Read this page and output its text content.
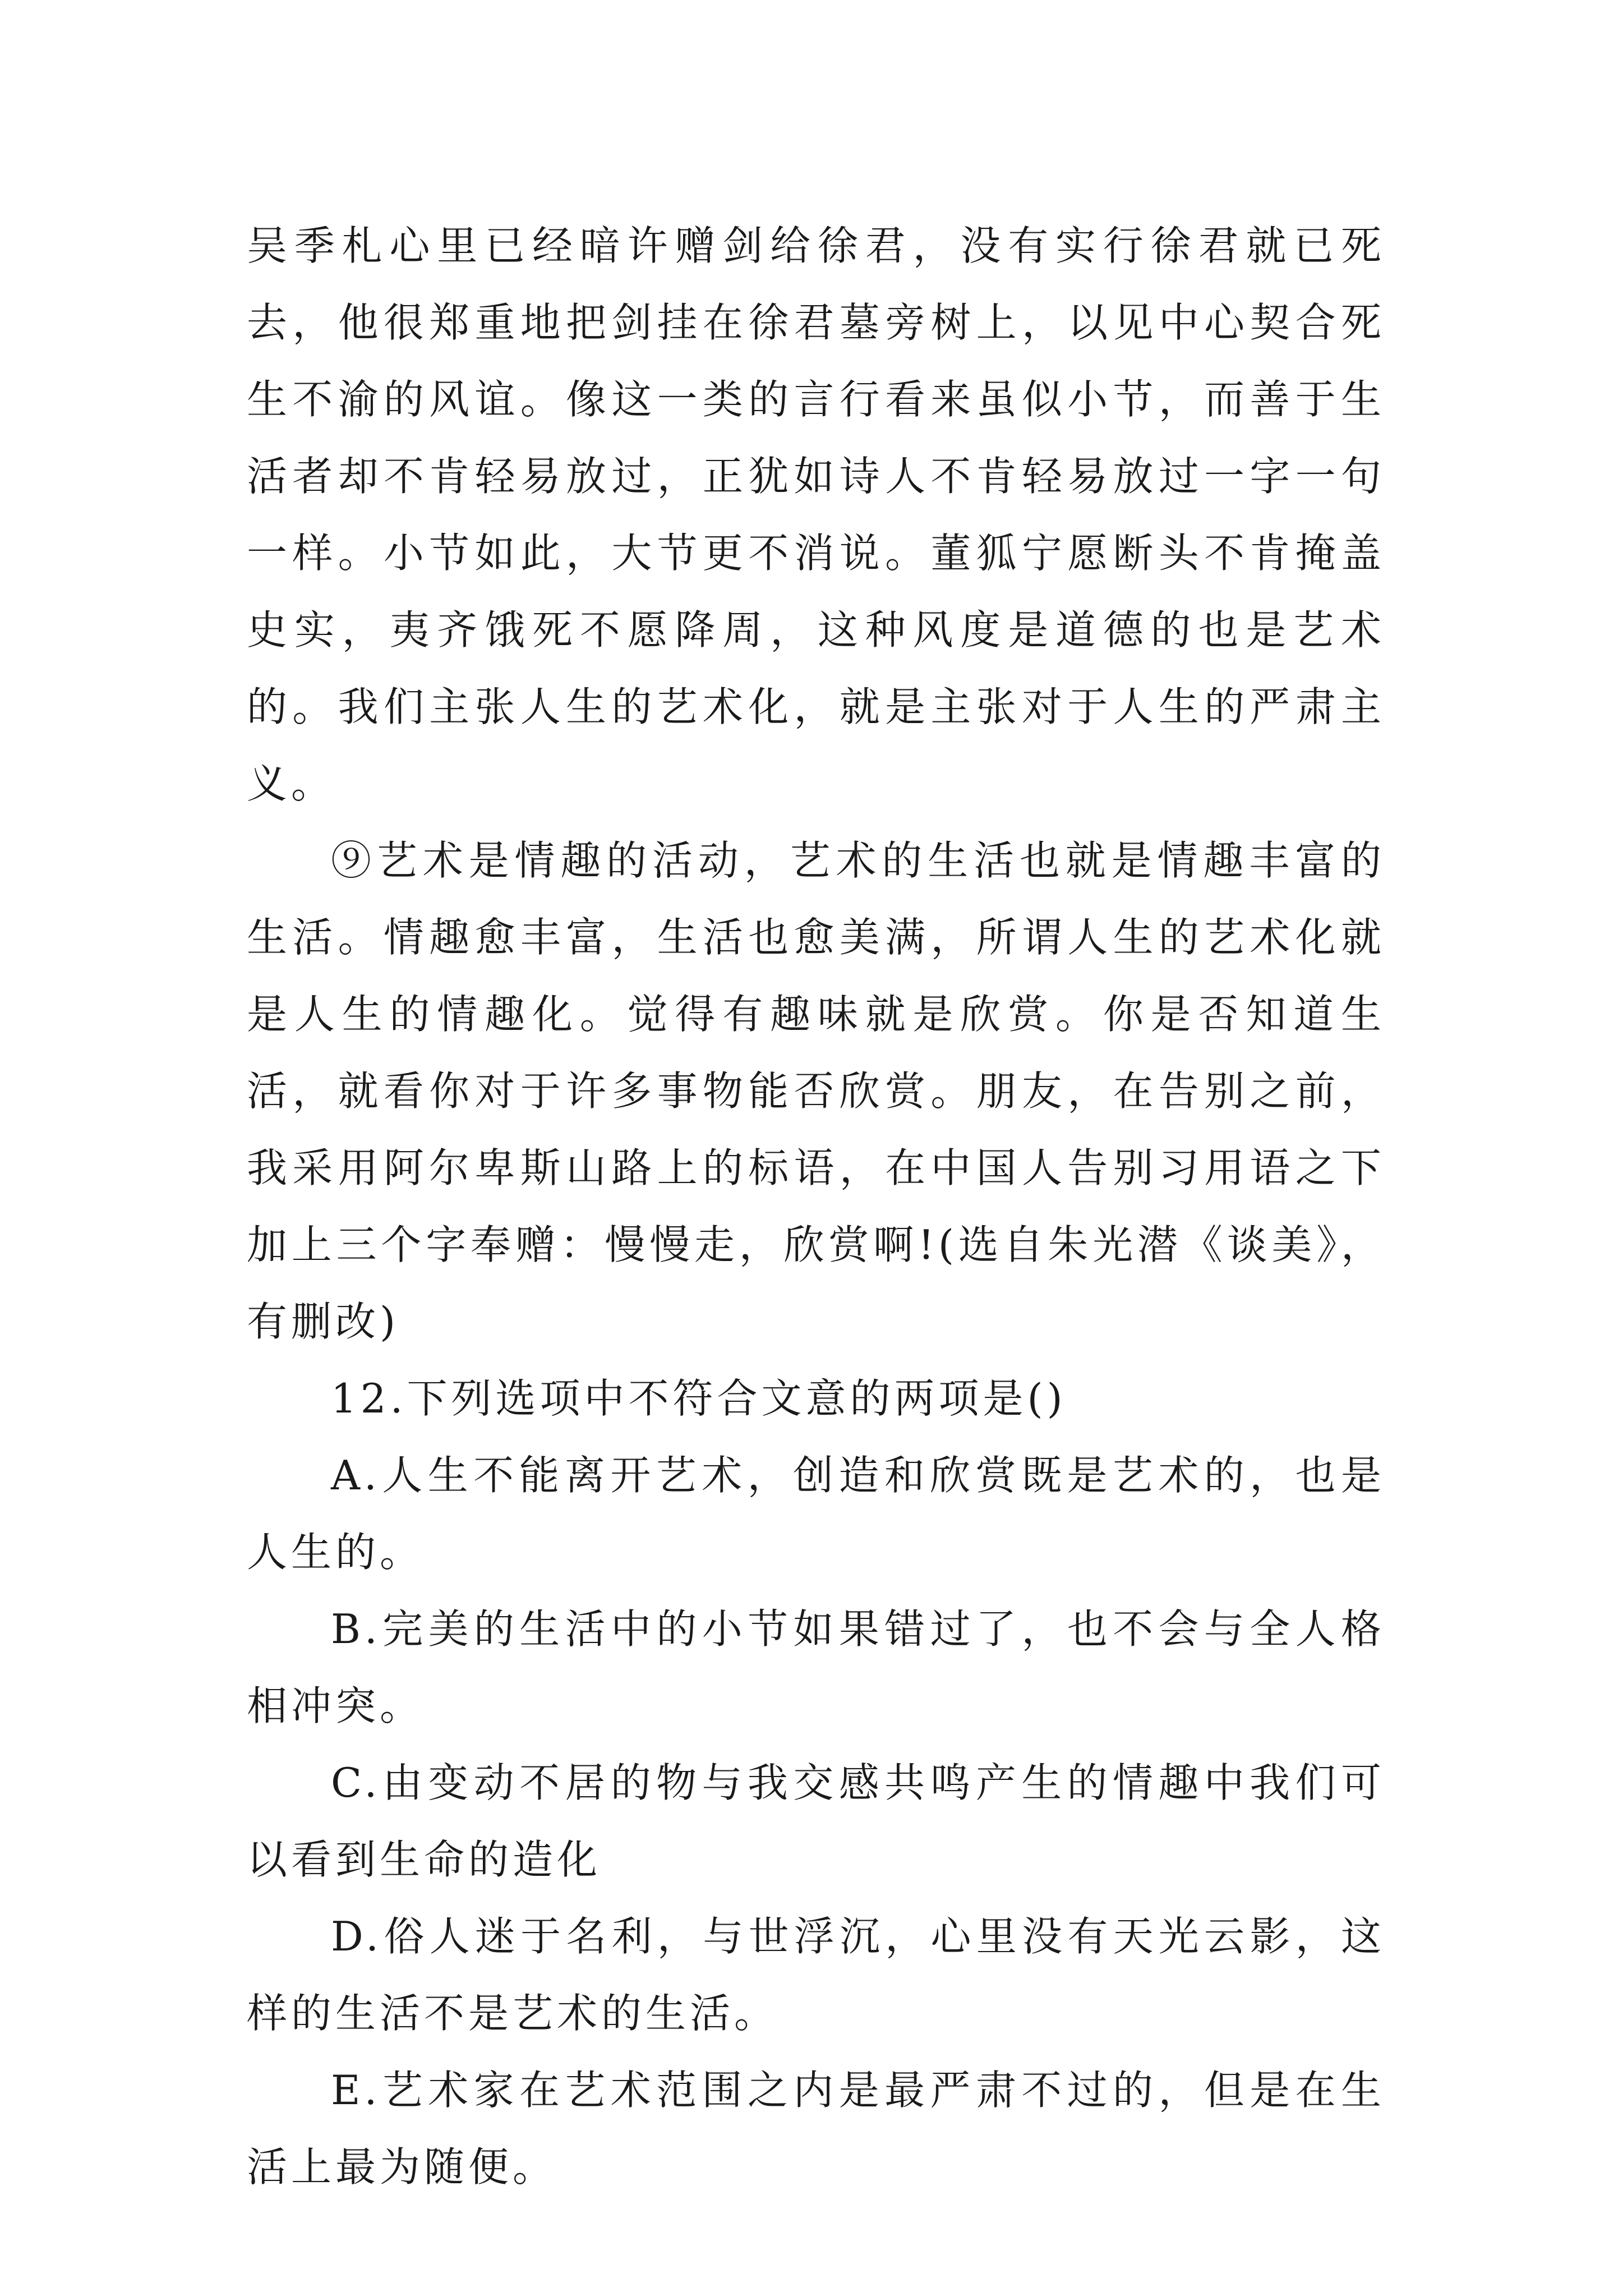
吴季札心里已经暗许赠剑给徐君，没有实行徐君就已死去，他很郑重地把剑挂在徐君墓旁树上，以见中心契合死生不渝的风谊。像这一类的言行看来虽似小节，而善于生活者却不肯轻易放过，正犹如诗人不肯轻易放过一字一句一样。小节如此，大节更不消说。董狐宁愿断头不肯掩盖史实，夷齐饿死不愿降周，这种风度是道德的也是艺术的。我们主张人生的艺术化，就是主张对于人生的严肃主义。

⑨艺术是情趣的活动，艺术的生活也就是情趣丰富的生活。情趣愈丰富，生活也愈美满，所谓人生的艺术化就是人生的情趣化。觉得有趣味就是欣赏。你是否知道生活，就看你对于许多事物能否欣赏。朋友，在告别之前，我采用阿尔卑斯山路上的标语，在中国人告别习用语之下加上三个字奉赠：慢慢走，欣赏啊!(选自朱光潜《谈美》，有删改)

12.下列选项中不符合文意的两项是()

A.人生不能离开艺术，创造和欣赏既是艺术的，也是人生的。

B.完美的生活中的小节如果错过了，也不会与全人格相冲突。

C.由变动不居的物与我交感共鸣产生的情趣中我们可以看到生命的造化

D.俗人迷于名利，与世浮沉，心里没有天光云影，这样的生活不是艺术的生活。

E.艺术家在艺术范围之内是最严肃不过的，但是在生活上最为随便。
